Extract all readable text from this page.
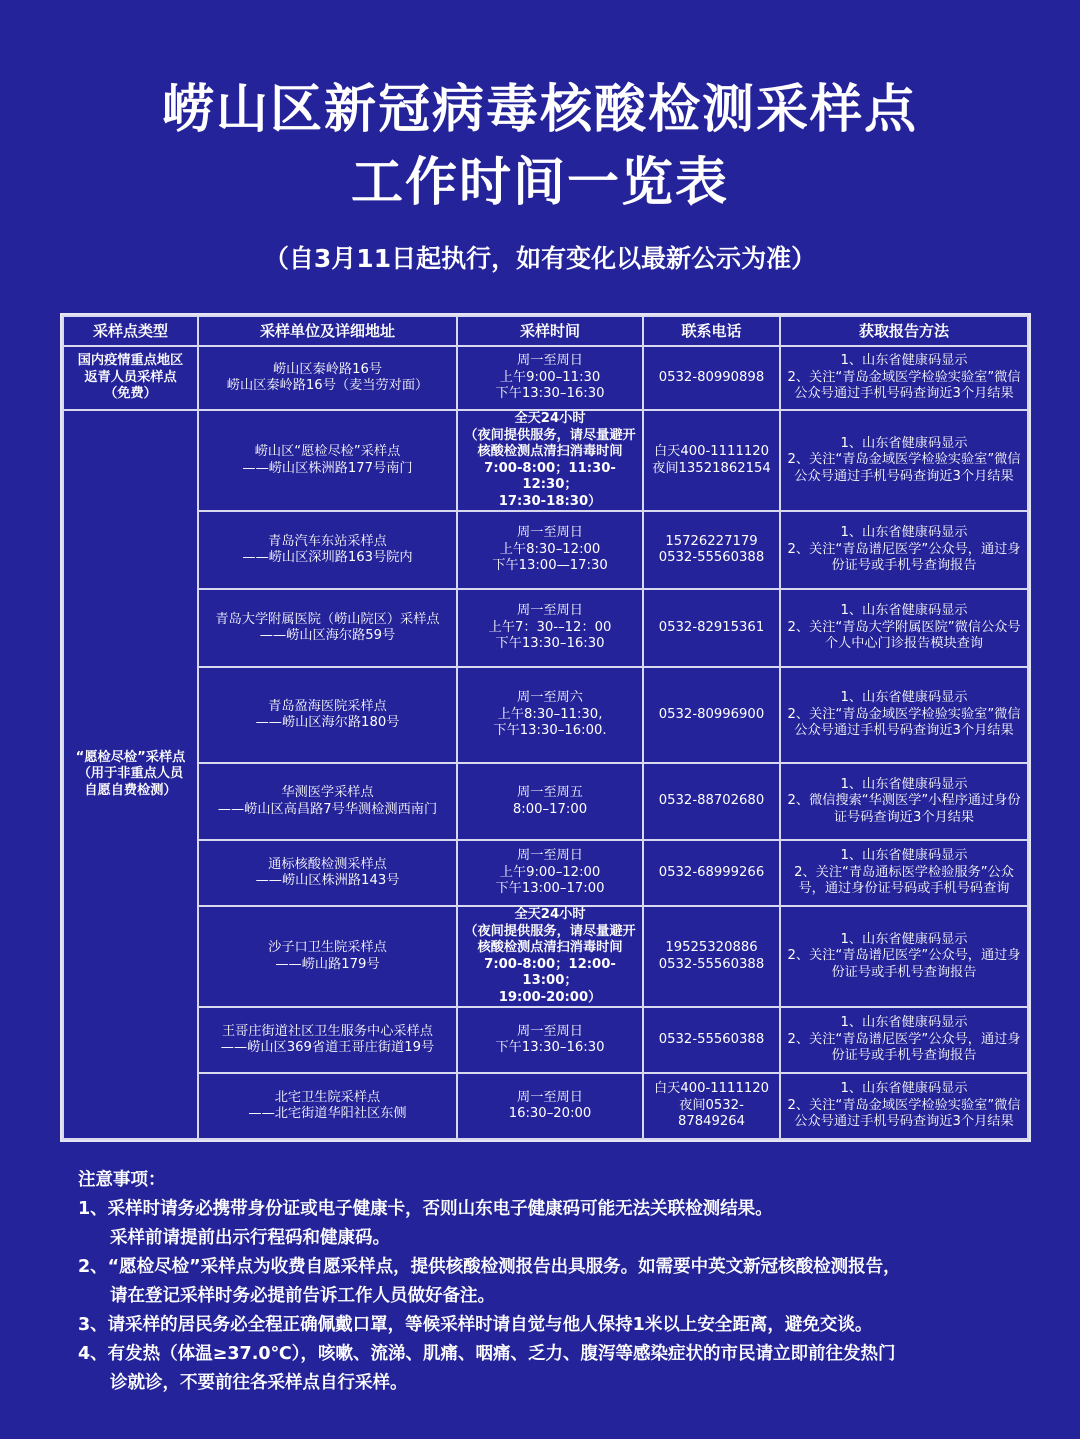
崂山区新冠病毒核酸检测采样点
工作时间一览表
（自3月11日起执行，如有变化以最新公示为准）
采样点类型	采样单位及详细地址	采样时间	联系电话	获取报告方法
国内疫情重点地区
返青人员采样点
（免费）	崂山区秦岭路16号
崂山区秦岭路16号（麦当劳对面）	周一至周日
上午9:00–11:30
下午13:30–16:30	0532-80990898	1、山东省健康码显示
2、关注“青岛金域医学检验实验室”微信
公众号通过手机号码查询近3个月结果
“愿检尽检”采样点
（用于非重点人员
自愿自费检测）	崂山区“愿检尽检”采样点
——崂山区株洲路177号南门	全天24小时
（夜间提供服务，请尽量避开
核酸检测点清扫消毒时间
7:00-8:00；11:30-12:30；
17:30-18:30）	白天400-1111120
夜间13521862154	1、山东省健康码显示
2、关注“青岛金域医学检验实验室”微信
公众号通过手机号码查询近3个月结果
	青岛汽车东站采样点
——崂山区深圳路163号院内	周一至周日
上午8:30–12:00
下午13:00—17:30	15726227179
0532-55560388	1、山东省健康码显示
2、关注“青岛谱尼医学”公众号，通过身
份证号或手机号查询报告
	青岛大学附属医院（崂山院区）采样点
——崂山区海尔路59号	周一至周日
上午7：30-–12：00
下午13:30–16:30	0532-82915361	1、山东省健康码显示
2、关注“青岛大学附属医院”微信公众号
个人中心门诊报告模块查询
	青岛盈海医院采样点
——崂山区海尔路180号	周一至周六
上午8:30–11:30,
下午13:30–16:00.	0532-80996900	1、山东省健康码显示
2、关注“青岛金域医学检验实验室”微信
公众号通过手机号码查询近3个月结果
	华测医学采样点
——崂山区高昌路7号华测检测西南门	周一至周五
8:00–17:00	0532-88702680	1、山东省健康码显示
2、微信搜索“华测医学”小程序通过身份
证号码查询近3个月结果
	通标核酸检测采样点
——崂山区株洲路143号	周一至周日
上午9:00–12:00
下午13:00–17:00	0532-68999266	1、山东省健康码显示
2、关注“青岛通标医学检验服务”公众
号，通过身份证号码或手机号码查询
	沙子口卫生院采样点
——崂山路179号	全天24小时
（夜间提供服务，请尽量避开
核酸检测点清扫消毒时间
7:00-8:00；12:00-13:00；
19:00-20:00）	19525320886
0532-55560388	1、山东省健康码显示
2、关注“青岛谱尼医学”公众号，通过身
份证号或手机号查询报告
	王哥庄街道社区卫生服务中心采样点
——崂山区369省道王哥庄街道19号	周一至周日
下午13:30–16:30	0532-55560388	1、山东省健康码显示
2、关注“青岛谱尼医学”公众号，通过身
份证号或手机号查询报告
	北宅卫生院采样点
——北宅街道华阳社区东侧	周一至周日
16:30–20:00	白天400-1111120
夜间0532-87849264	1、山东省健康码显示
2、关注“青岛金域医学检验实验室”微信
公众号通过手机号码查询近3个月结果
注意事项：
1、采样时请务必携带身份证或电子健康卡，否则山东电子健康码可能无法关联检测结果。
采样前请提前出示行程码和健康码。
2、“愿检尽检”采样点为收费自愿采样点，提供核酸检测报告出具服务。如需要中英文新冠核酸检测报告，
请在登记采样时务必提前告诉工作人员做好备注。
3、请采样的居民务必全程正确佩戴口罩，等候采样时请自觉与他人保持1米以上安全距离，避免交谈。
4、有发热（体温≥37.0℃），咳嗽、流涕、肌痛、咽痛、乏力、腹泻等感染症状的市民请立即前往发热门
诊就诊，不要前往各采样点自行采样。
